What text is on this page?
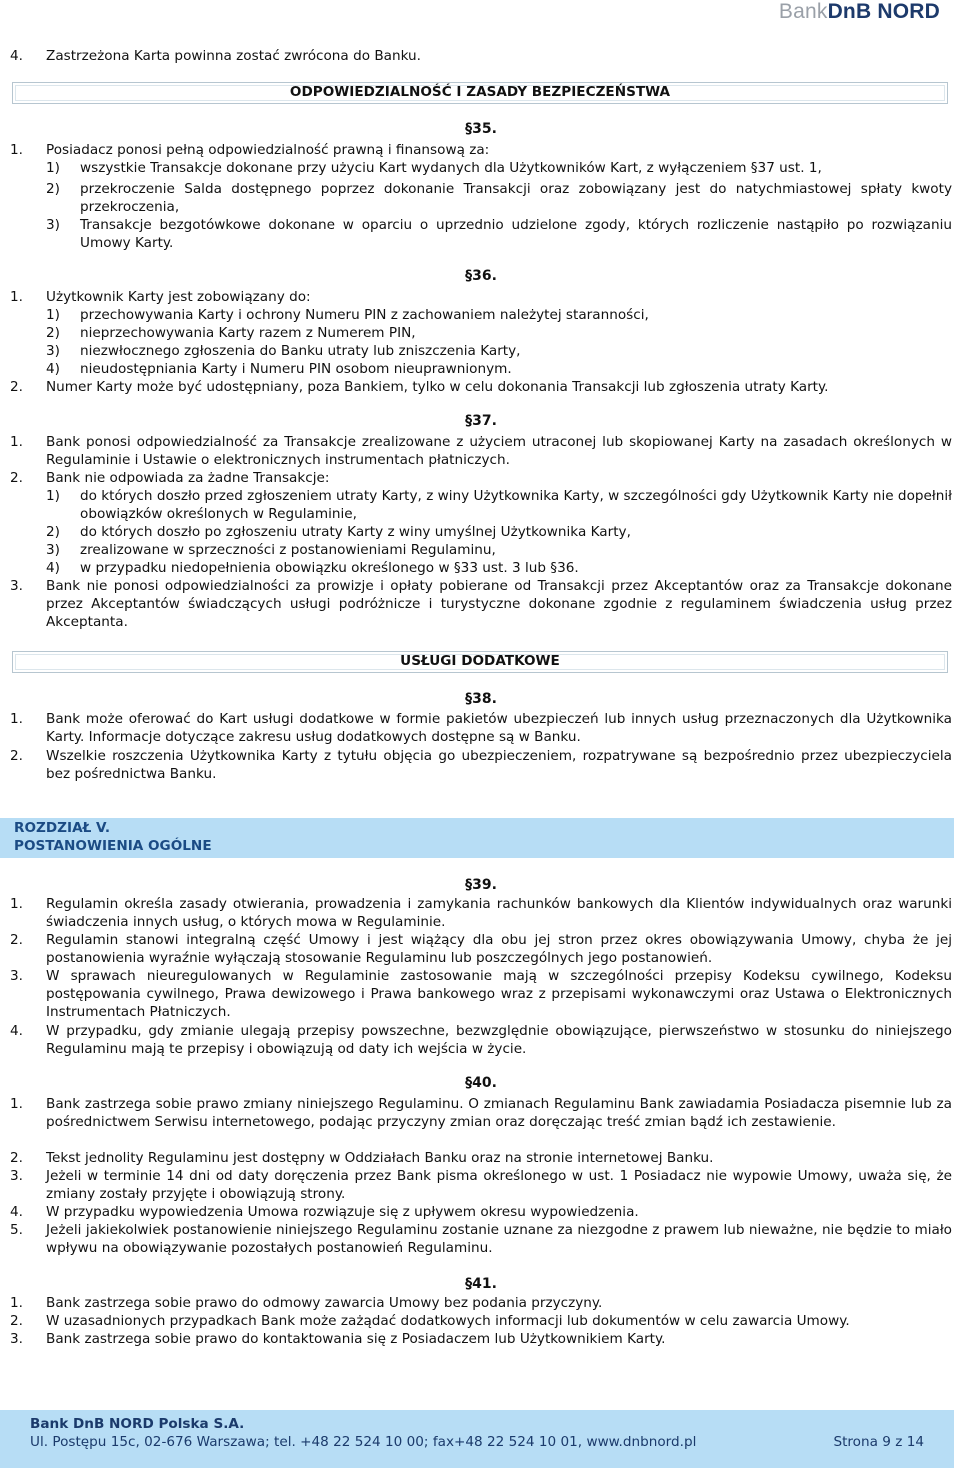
BankDnB NORD
4. Zastrzeżona Karta powinna zostać zwrócona do Banku.
ODPOWIEDZIALNOŚĆ I ZASADY BEZPIECZEŃSTWA
§35.
1. Posiadacz ponosi pełną odpowiedzialność prawną i finansową za:
1) wszystkie Transakcje dokonane przy użyciu Kart wydanych dla Użytkowników Kart, z wyłączeniem §37 ust. 1,
2) przekroczenie Salda dostępnego poprzez dokonanie Transakcji oraz zobowiązany jest do natychmiastowej spłaty kwoty przekroczenia,
3) Transakcje bezgotówkowe dokonane w oparciu o uprzednio udzielone zgody, których rozliczenie nastąpiło po rozwiązaniu Umowy Karty.
§36.
1. Użytkownik Karty jest zobowiązany do:
1) przechowywania Karty i ochrony Numeru PIN z zachowaniem należytej staranności,
2) nieprzechowywania Karty razem z Numerem PIN,
3) niezwłocznego zgłoszenia do Banku utraty lub zniszczenia Karty,
4) nieudostępniania Karty i Numeru PIN osobom nieuprawnionym.
2. Numer Karty może być udostępniany, poza Bankiem, tylko w celu dokonania Transakcji lub zgłoszenia utraty Karty.
§37.
1. Bank ponosi odpowiedzialność za Transakcje zrealizowane z użyciem utraconej lub skopiowanej Karty na zasadach określonych w Regulaminie i Ustawie o elektronicznych instrumentach płatniczych.
2. Bank nie odpowiada za żadne Transakcje:
1) do których doszło przed zgłoszeniem utraty Karty, z winy Użytkownika Karty, w szczególności gdy Użytkownik Karty nie dopełnił obowiązków określonych w Regulaminie,
2) do których doszło po zgłoszeniu utraty Karty z winy umyślnej Użytkownika Karty,
3) zrealizowane w sprzeczności z postanowieniami Regulaminu,
4) w przypadku niedopełnienia obowiązku określonego w §33 ust. 3 lub §36.
3. Bank nie ponosi odpowiedzialności za prowizje i opłaty pobierane od Transakcji przez Akceptantów oraz za Transakcje dokonane przez Akceptantów świadczących usługi podróżnicze i turystyczne dokonane zgodnie z regulaminem świadczenia usług przez Akceptanta.
USŁUGI DODATKOWE
§38.
1. Bank może oferować do Kart usługi dodatkowe w formie pakietów ubezpieczeń lub innych usług przeznaczonych dla Użytkownika Karty. Informacje dotyczące zakresu usług dodatkowych dostępne są w Banku.
2. Wszelkie roszczenia Użytkownika Karty z tytułu objęcia go ubezpieczeniem, rozpatrywane są bezpośrednio przez ubezpieczyciela bez pośrednictwa Banku.
ROZDZIAŁ V.
POSTANOWIENIA OGÓLNE
§39.
1. Regulamin określa zasady otwierania, prowadzenia i zamykania rachunków bankowych dla Klientów indywidualnych oraz warunki świadczenia innych usług, o których mowa w Regulaminie.
2. Regulamin stanowi integralną część Umowy i jest wiążący dla obu jej stron przez okres obowiązywania Umowy, chyba że jej postanowienia wyraźnie wyłączają stosowanie Regulaminu lub poszczególnych jego postanowień.
3. W sprawach nieuregulowanych w Regulaminie zastosowanie mają w szczególności przepisy Kodeksu cywilnego, Kodeksu postępowania cywilnego, Prawa dewizowego i Prawa bankowego wraz z przepisami wykonawczymi oraz Ustawa o Elektronicznych Instrumentach Płatniczych.
4. W przypadku, gdy zmianie ulegają przepisy powszechne, bezwzględnie obowiązujące, pierwszeństwo w stosunku do niniejszego Regulaminu mają te przepisy i obowiązują od daty ich wejścia w życie.
§40.
1. Bank zastrzega sobie prawo zmiany niniejszego Regulaminu. O zmianach Regulaminu Bank zawiadamia Posiadacza pisemnie lub za pośrednictwem Serwisu internetowego, podając przyczyny zmian oraz doręczając treść zmian bądź ich zestawienie.
2. Tekst jednolity Regulaminu jest dostępny w Oddziałach Banku oraz na stronie internetowej Banku.
3. Jeżeli w terminie 14 dni od daty doręczenia przez Bank pisma określonego w ust. 1 Posiadacz nie wypowie Umowy, uważa się, że zmiany zostały przyjęte i obowiązują strony.
4. W przypadku wypowiedzenia Umowa rozwiązuje się z upływem okresu wypowiedzenia.
5. Jeżeli jakiekolwiek postanowienie niniejszego Regulaminu zostanie uznane za niezgodne z prawem lub nieważne, nie będzie to miało wpływu na obowiązywanie pozostałych postanowień Regulaminu.
§41.
1. Bank zastrzega sobie prawo do odmowy zawarcia Umowy bez podania przyczyny.
2. W uzasadnionych przypadkach Bank może zażądać dodatkowych informacji lub dokumentów w celu zawarcia Umowy.
3. Bank zastrzega sobie prawo do kontaktowania się z Posiadaczem lub Użytkownikiem Karty.
Bank DnB NORD Polska S.A.
Ul. Postępu 15c, 02-676 Warszawa; tel. +48 22 524 10 00; fax+48 22 524 10 01, www.dnbnord.pl	Strona 9 z 14
